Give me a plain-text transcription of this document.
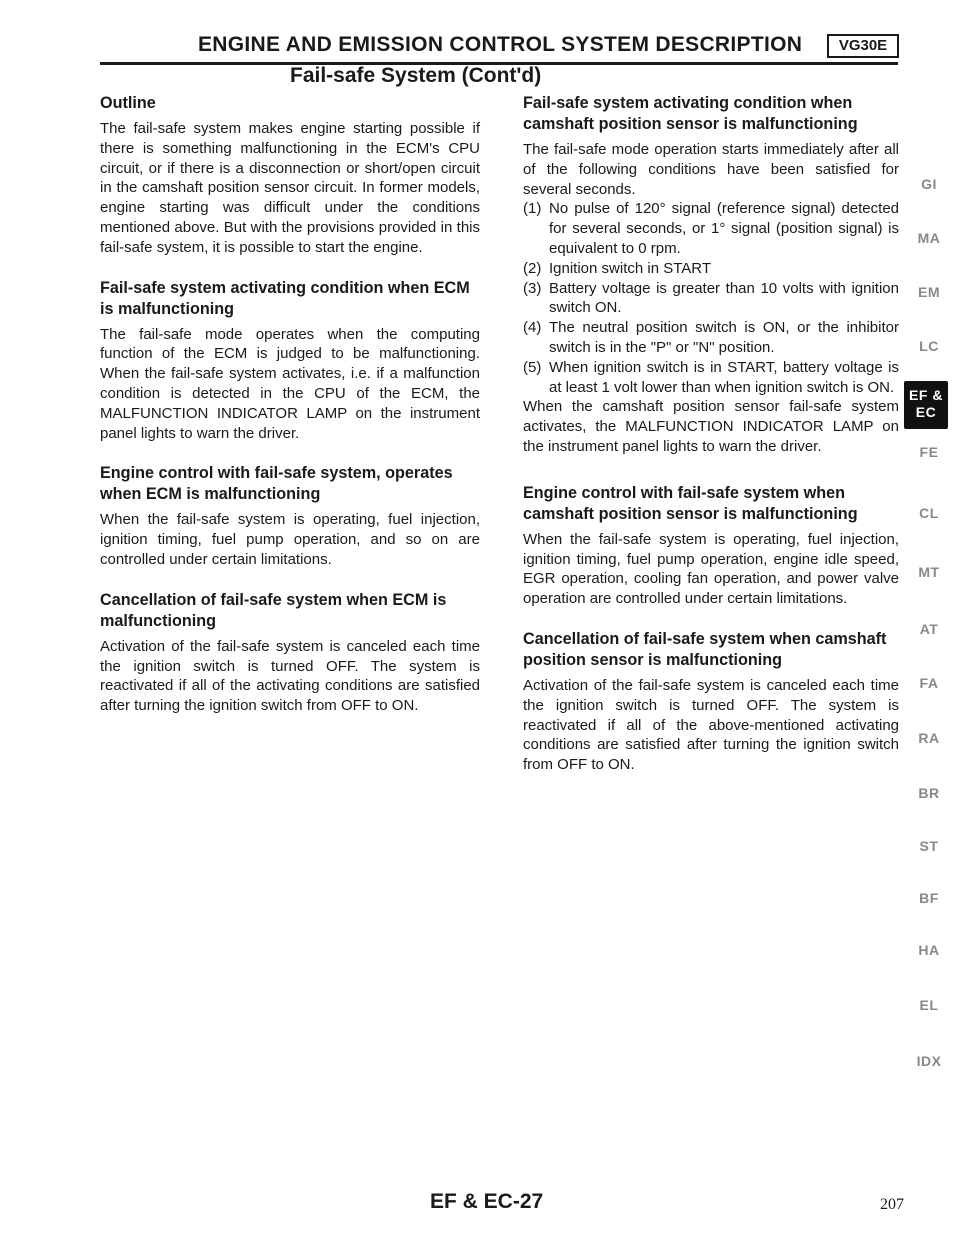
ENGINE AND EMISSION CONTROL SYSTEM DESCRIPTION	VG30E
Fail-safe System (Cont'd)
Outline

The fail-safe system makes engine starting possible if there is something malfunctioning in the ECM's CPU circuit, or if there is a disconnection or short/open circuit in the camshaft position sensor circuit. In former models, engine starting was difficult under the conditions mentioned above. But with the provisions provided in this fail-safe system, it is possible to start the engine.

Fail-safe system activating condition when ECM is malfunctioning

The fail-safe mode operates when the computing function of the ECM is judged to be malfunctioning. When the fail-safe system activates, i.e. if a malfunction condition is detected in the CPU of the ECM, the MALFUNCTION INDICATOR LAMP on the instrument panel lights to warn the driver.

Engine control with fail-safe system, operates when ECM is malfunctioning

When the fail-safe system is operating, fuel injection, ignition timing, fuel pump operation, and so on are controlled under certain limitations.

Cancellation of fail-safe system when ECM is malfunctioning

Activation of the fail-safe system is canceled each time the ignition switch is turned OFF. The system is reactivated if all of the activating conditions are satisfied after turning the ignition switch from OFF to ON.

Fail-safe system activating condition when camshaft position sensor is malfunctioning

The fail-safe mode operation starts immediately after all of the following conditions have been satisfied for several seconds.

(1) No pulse of 120° signal (reference signal) detected for several seconds, or 1° signal (position signal) is equivalent to 0 rpm.
(2) Ignition switch in START
(3) Battery voltage is greater than 10 volts with ignition switch ON.
(4) The neutral position switch is ON, or the inhibitor switch is in the "P" or "N" position.
(5) When ignition switch is in START, battery voltage is at least 1 volt lower than when ignition switch is ON.

When the camshaft position sensor fail-safe system activates, the MALFUNCTION INDICATOR LAMP on the instrument panel lights to warn the driver.

Engine control with fail-safe system when camshaft position sensor is malfunctioning

When the fail-safe system is operating, fuel injection, ignition timing, fuel pump operation, engine idle speed, EGR operation, cooling fan operation, and power valve operation are controlled under certain limitations.

Cancellation of fail-safe system when camshaft position sensor is malfunctioning

Activation of the fail-safe system is canceled each time the ignition switch is turned OFF. The system is reactivated if all of the above-mentioned activating conditions are satisfied after turning the ignition switch from OFF to ON.

GI
MA
EM
LC
EF & EC
FE
CL
MT
AT
FA
RA
BR
ST
BF
HA
EL
IDX
EF & EC-27	207
